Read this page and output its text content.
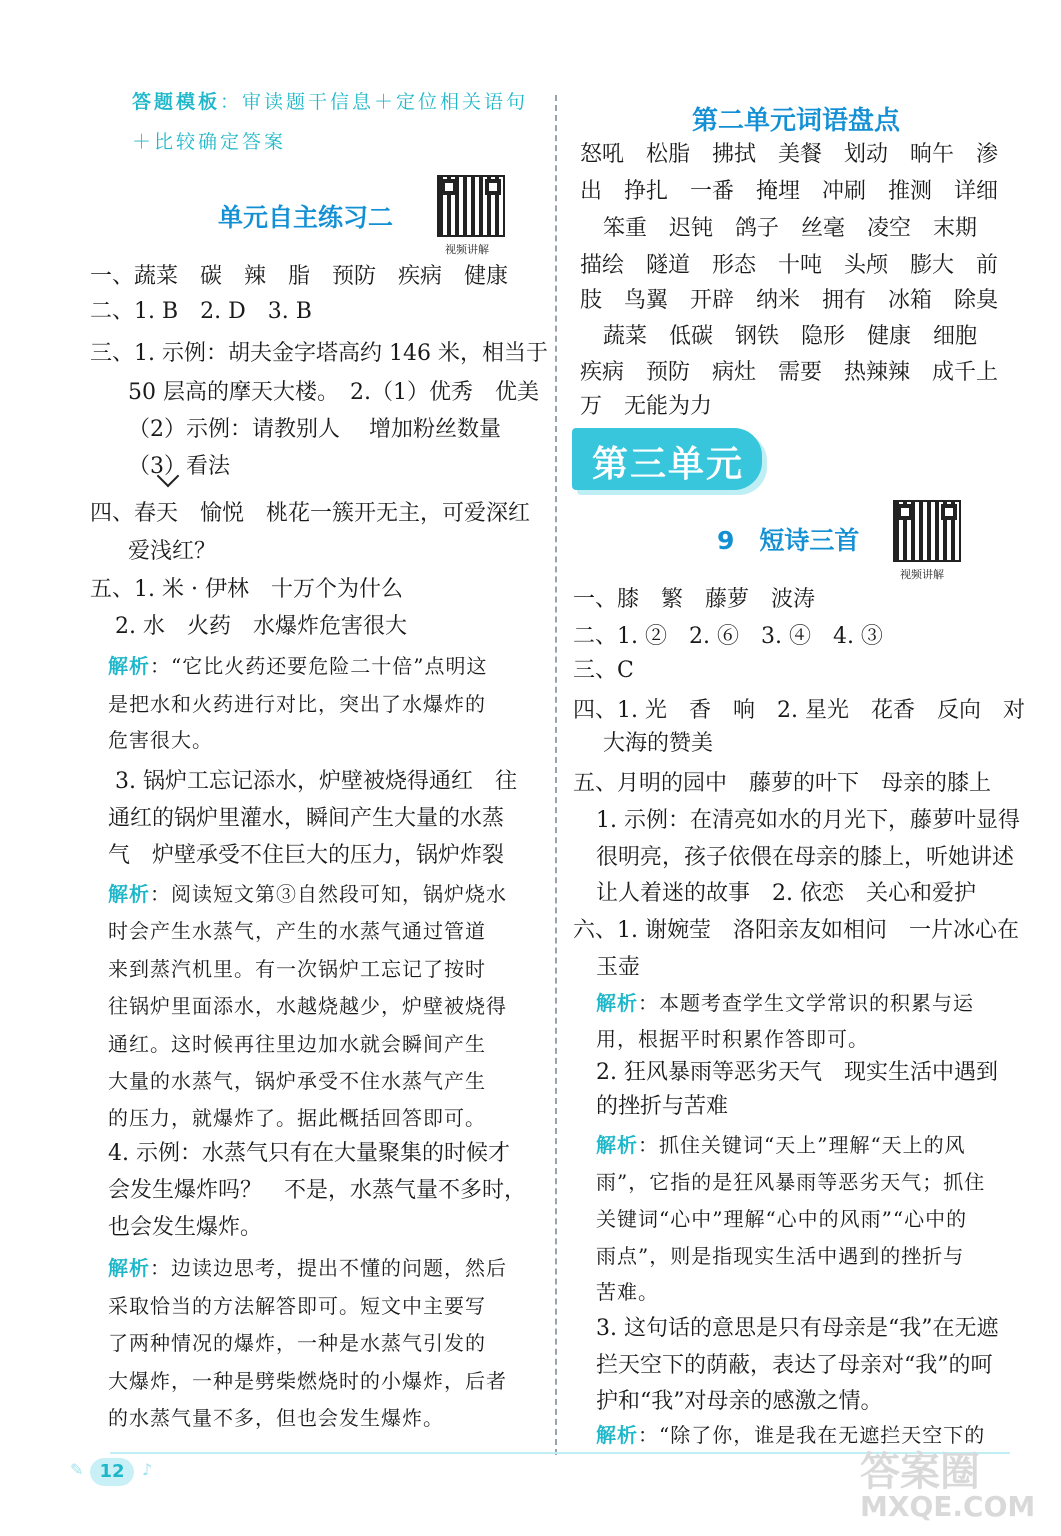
答题模板：审读题干信息＋定位相关语句
＋比较确定答案
单元自主练习二
视频讲解
一、蔬菜　碳　辣　脂　预防　疾病　健康
二、1. B　2. D　3. B
三、1. 示例：胡夫金字塔高约 146 米，相当于
50 层高的摩天大楼。　2.（1）优秀　优美
（2）示例：请教别人　 增加粉丝数量
（3）看法
四、春天　愉悦　桃花一簇开无主，可爱深红
爱浅红？
五、1. 米 · 伊林　十万个为什么
2. 水　火药　水爆炸危害很大
3. 锅炉工忘记添水，炉壁被烧得通红　往
通红的锅炉里灌水，瞬间产生大量的水蒸
气　炉壁承受不住巨大的压力，锅炉炸裂
4. 示例：水蒸气只有在大量聚集的时候才
会发生爆炸吗？　不是，水蒸气量不多时，
也会发生爆炸。
解析：“它比火药还要危险二十倍”点明这
是把水和火药进行对比，突出了水爆炸的
危害很大。
解析：阅读短文第③自然段可知，锅炉烧水
时会产生水蒸气，产生的水蒸气通过管道
来到蒸汽机里。有一次锅炉工忘记了按时
往锅炉里面添水，水越烧越少，炉壁被烧得
通红。这时候再往里边加水就会瞬间产生
大量的水蒸气，锅炉承受不住水蒸气产生
的压力，就爆炸了。据此概括回答即可。
解析：边读边思考，提出不懂的问题，然后
采取恰当的方法解答即可。短文中主要写
了两种情况的爆炸，一种是水蒸气引发的
大爆炸，一种是劈柴燃烧时的小爆炸，后者
的水蒸气量不多，但也会发生爆炸。
第二单元词语盘点
怒吼　松脂　拂拭　美餐　划动　晌午　渗
出　挣扎　一番　掩埋　冲刷　推测　详细
笨重　迟钝　鸽子　丝毫　凌空　末期
描绘　隧道　形态　十吨　头颅　膨大　前
肢　鸟翼　开辟　纳米　拥有　冰箱　除臭
蔬菜　低碳　钢铁　隐形　健康　细胞
疾病　预防　病灶　需要　热辣辣　成千上
万　无能为力
第三单元
9　短诗三首
视频讲解
一、膝　繁　藤萝　波涛
二、1. ②　2. ⑥　3. ④　4. ③
三、C
四、1. 光　香　响　2. 星光　花香　反向　对
大海的赞美
五、月明的园中　藤萝的叶下　母亲的膝上
1. 示例：在清亮如水的月光下，藤萝叶显得
很明亮，孩子依偎在母亲的膝上，听她讲述
让人着迷的故事　2. 依恋　关心和爱护
六、1. 谢婉莹　洛阳亲友如相问　一片冰心在
玉壶
2. 狂风暴雨等恶劣天气　现实生活中遇到
的挫折与苦难
3. 这句话的意思是只有母亲是“我”在无遮
拦天空下的荫蔽，表达了母亲对“我”的呵
护和“我”对母亲的感激之情。
解析：本题考查学生文学常识的积累与运
用，根据平时积累作答即可。
解析：抓住关键词“天上”理解“天上的风
雨”，它指的是狂风暴雨等恶劣天气；抓住
关键词“心中”理解“心中的风雨”“心中的
雨点”，则是指现实生活中遇到的挫折与
苦难。
解析：“除了你，谁是我在无遮拦天空下的
✎ 12	♪	答案圈
MXQE.COM
